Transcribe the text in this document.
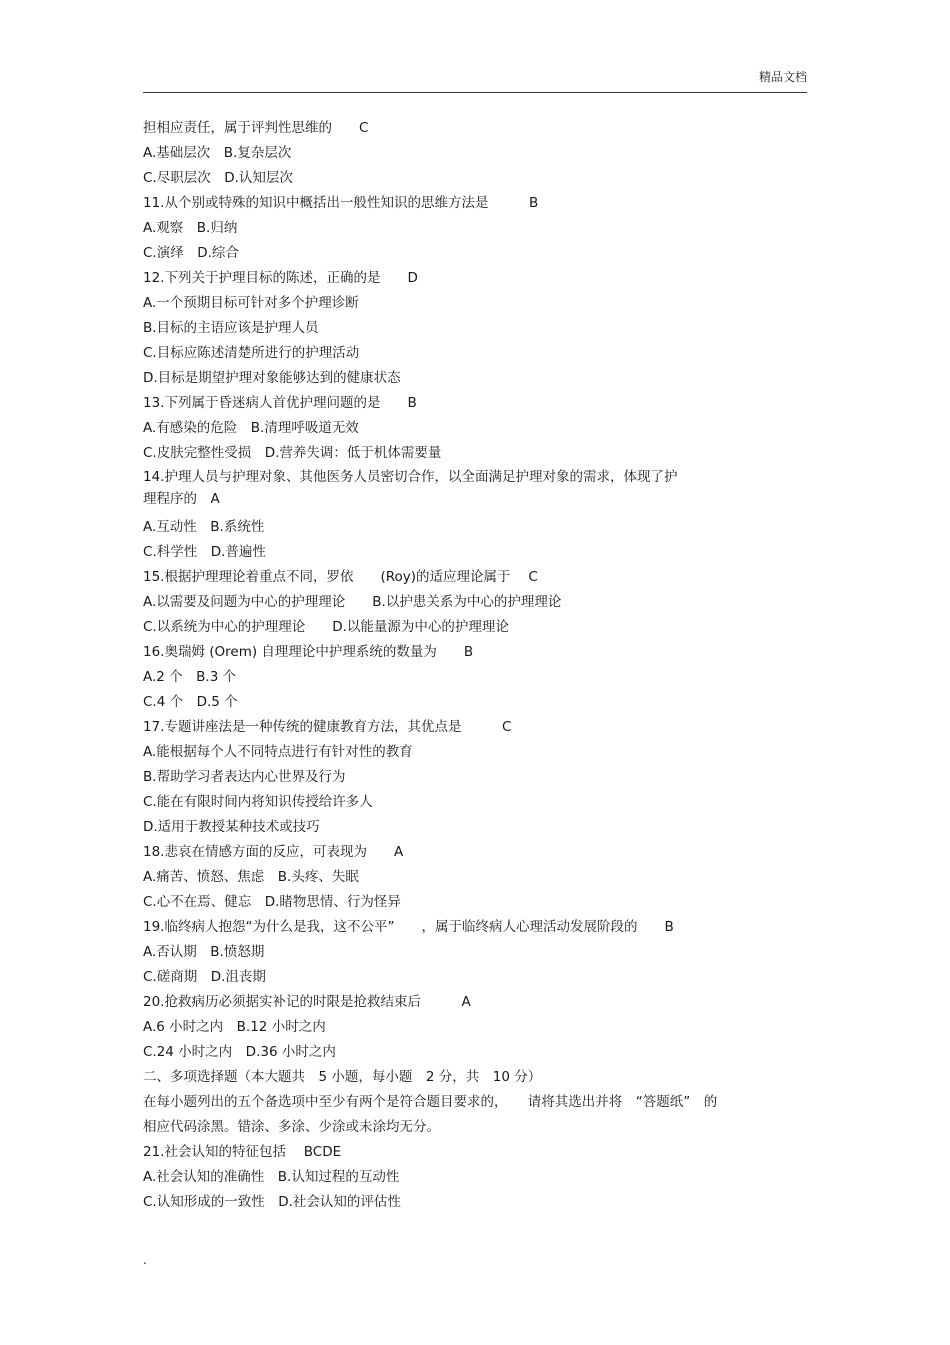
精品文档
担相应责任，属于评判性思维的　　C
A.基础层次　B.复杂层次
C.尽职层次　D.认知层次
11.从个别或特殊的知识中概括出一般性知识的思维方法是　　　B
A.观察　B.归纳
C.演绎　D.综合
12.下列关于护理目标的陈述，正确的是　　D
A.一个预期目标可针对多个护理诊断
B.目标的主语应该是护理人员
C.目标应陈述清楚所进行的护理活动
D.目标是期望护理对象能够达到的健康状态
13.下列属于昏迷病人首优护理问题的是　　B
A.有感染的危险　B.清理呼吸道无效
C.皮肤完整性受损　D.营养失调：低于机体需要量
14.护理人员与护理对象、其他医务人员密切合作，以全面满足护理对象的需求，体现了护
理程序的　A
A.互动性　B.系统性
C.科学性　D.普遍性
15.根据护理理论着重点不同，罗依　　(Roy)的适应理论属于　 C
A.以需要及问题为中心的护理理论　　B.以护患关系为中心的护理理论
C.以系统为中心的护理理论　　D.以能量源为中心的护理理论
16.奥瑞姆 (Orem) 自理理论中护理系统的数量为　　B
A.2 个　B.3 个
C.4 个　D.5 个
17.专题讲座法是一种传统的健康教育方法，其优点是　　　C
A.能根据每个人不同特点进行有针对性的教育
B.帮助学习者表达内心世界及行为
C.能在有限时间内将知识传授给许多人
D.适用于教授某种技术或技巧
18.悲哀在情感方面的反应，可表现为　　A
A.痛苦、愤怒、焦虑　B.头疼、失眠
C.心不在焉、健忘　D.睹物思情、行为怪异
19.临终病人抱怨“为什么是我，这不公平”　　，属于临终病人心理活动发展阶段的　　B
A.否认期　B.愤怒期
C.磋商期　D.沮丧期
20.抢救病历必须据实补记的时限是抢救结束后　　　A
A.6 小时之内　B.12 小时之内
C.24 小时之内　D.36 小时之内
二、多项选择题（本大题共　5 小题，每小题　2 分，共　10 分）
在每小题列出的五个备选项中至少有两个是符合题目要求的，　　请将其选出并将　“答题纸”　的
相应代码涂黑。错涂、多涂、少涂或未涂均无分。
21.社会认知的特征包括　 BCDE
A.社会认知的准确性　B.认知过程的互动性
C.认知形成的一致性　D.社会认知的评估性
.
